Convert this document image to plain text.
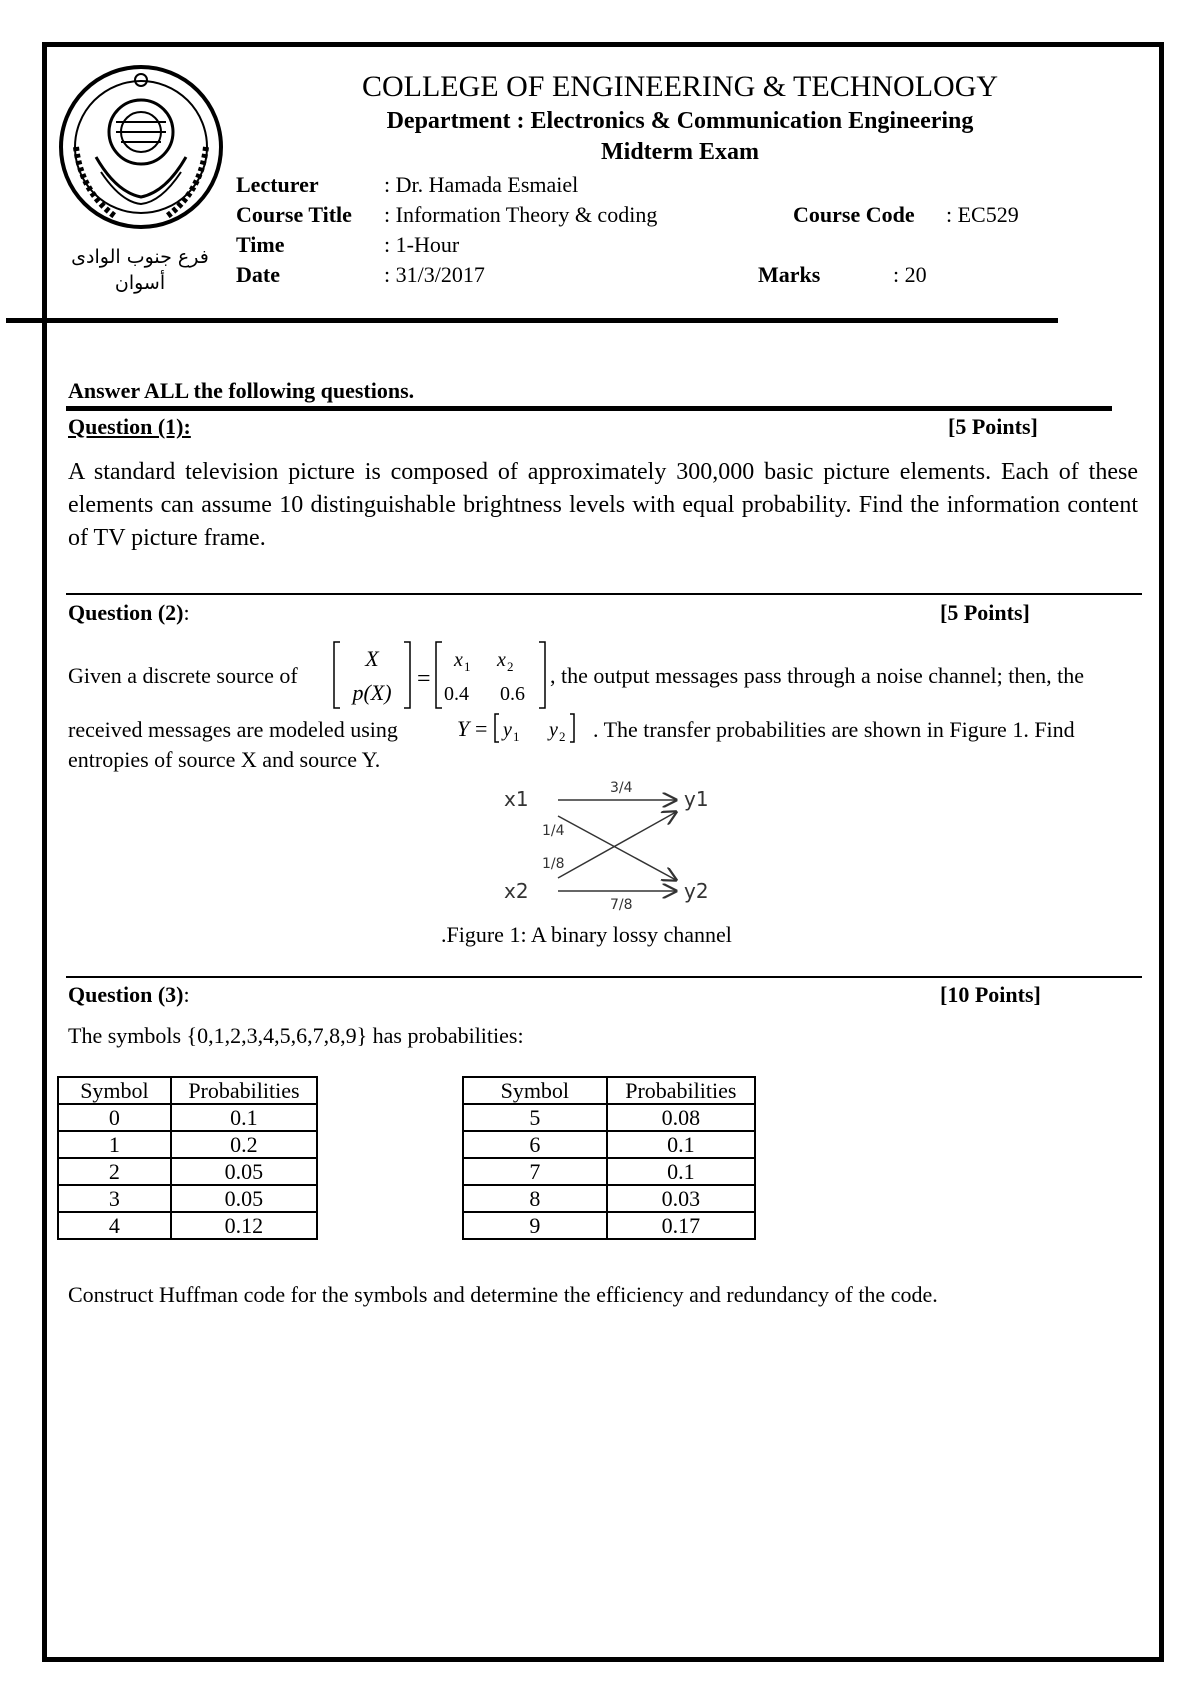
فرع جنوب الوادى
أسوان
COLLEGE OF ENGINEERING & TECHNOLOGY
Department : Electronics & Communication Engineering
Midterm Exam
Lecturer	: Dr. Hamada Esmaiel
Course Title : Information Theory & coding	Course Code : EC529
Time	: 1-Hour
Date	: 31/3/2017	Marks	: 20
Answer ALL the following questions.
Question (1):	[5 Points]
A standard television picture is composed of approximately 300,000 basic picture elements. Each of these elements can assume 10 distinguishable brightness levels with equal probability. Find the information content of TV picture frame.
Question (2):	[5 Points]
Given a discrete source of
X
p(X)
=
x 1 x 2
0.4 0.6
, the output messages pass through a noise channel; then, the
received messages are modeled using	Y = y 1 y 2 . The transfer probabilities are shown in Figure 1. Find
entropies of source X and source Y.
x1
x2
y1
y2
3/4
1/4
1/8
7/8
.Figure 1: A binary lossy channel
Question (3):	[10 Points]
The symbols {0,1,2,3,4,5,6,7,8,9} has probabilities:
Symbol	Probabilities
0	0.1
1	0.2
2	0.05
3	0.05
4	0.12
Symbol	Probabilities
5	0.08
6	0.1
7	0.1
8	0.03
9	0.17
Construct Huffman code for the symbols and determine the efficiency and redundancy of the code.
